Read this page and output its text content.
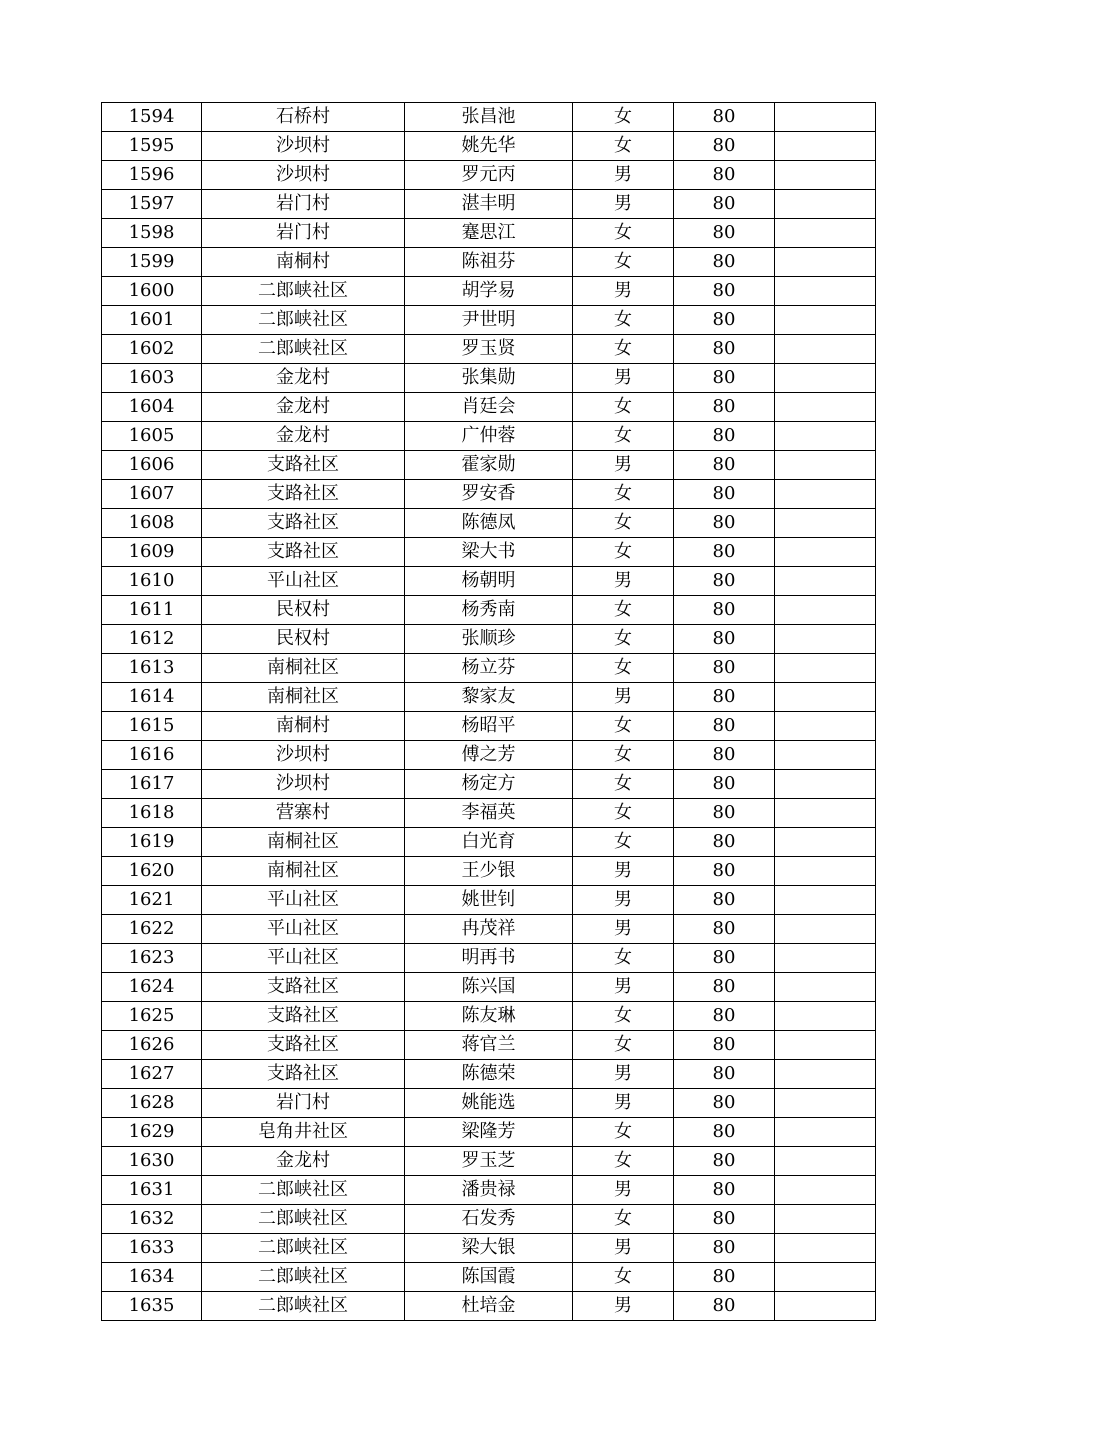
1594	石桥村	张昌池	女	80	
1595	沙坝村	姚先华	女	80	
1596	沙坝村	罗元丙	男	80	
1597	岩门村	湛丰明	男	80	
1598	岩门村	蹇思江	女	80	
1599	南桐村	陈祖芬	女	80	
1600	二郎峡社区	胡学易	男	80	
1601	二郎峡社区	尹世明	女	80	
1602	二郎峡社区	罗玉贤	女	80	
1603	金龙村	张集勋	男	80	
1604	金龙村	肖廷会	女	80	
1605	金龙村	广仲蓉	女	80	
1606	支路社区	霍家勋	男	80	
1607	支路社区	罗安香	女	80	
1608	支路社区	陈德凤	女	80	
1609	支路社区	梁大书	女	80	
1610	平山社区	杨朝明	男	80	
1611	民权村	杨秀南	女	80	
1612	民权村	张顺珍	女	80	
1613	南桐社区	杨立芬	女	80	
1614	南桐社区	黎家友	男	80	
1615	南桐村	杨昭平	女	80	
1616	沙坝村	傅之芳	女	80	
1617	沙坝村	杨定方	女	80	
1618	营寨村	李福英	女	80	
1619	南桐社区	白光育	女	80	
1620	南桐社区	王少银	男	80	
1621	平山社区	姚世钊	男	80	
1622	平山社区	冉茂祥	男	80	
1623	平山社区	明再书	女	80	
1624	支路社区	陈兴国	男	80	
1625	支路社区	陈友琳	女	80	
1626	支路社区	蒋官兰	女	80	
1627	支路社区	陈德荣	男	80	
1628	岩门村	姚能选	男	80	
1629	皂角井社区	梁隆芳	女	80	
1630	金龙村	罗玉芝	女	80	
1631	二郎峡社区	潘贵禄	男	80	
1632	二郎峡社区	石发秀	女	80	
1633	二郎峡社区	梁大银	男	80	
1634	二郎峡社区	陈国霞	女	80	
1635	二郎峡社区	杜培金	男	80	
